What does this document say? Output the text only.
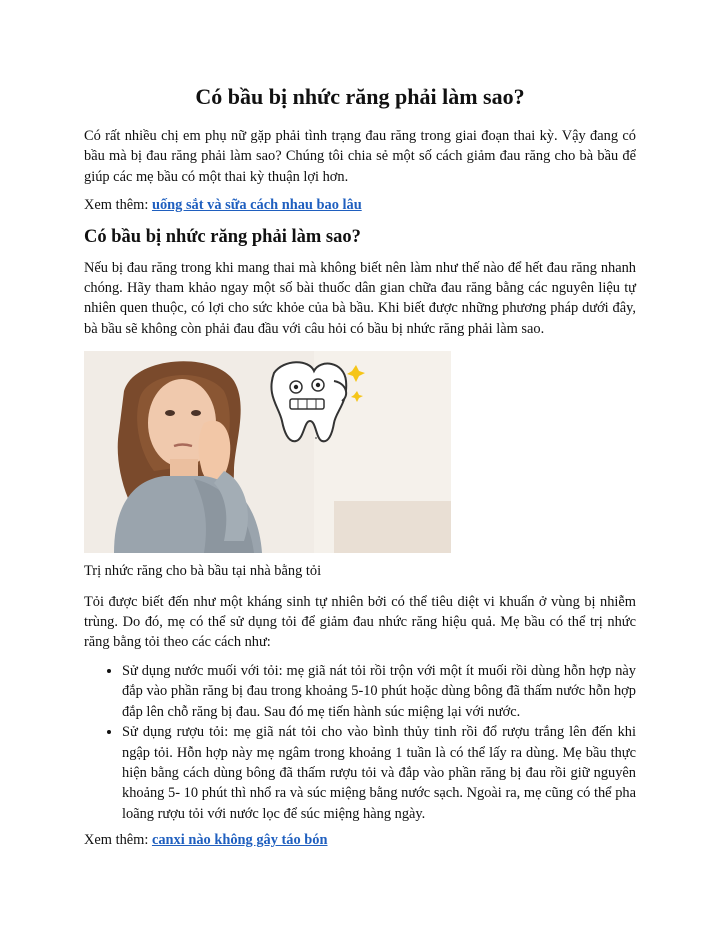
Có bầu bị nhức răng phải làm sao?

Có rất nhiều chị em phụ nữ gặp phải tình trạng đau răng trong giai đoạn thai kỳ. Vậy đang có bầu mà bị đau răng phải làm sao? Chúng tôi chia sẻ một số cách giảm đau răng cho bà bầu để giúp các mẹ bầu có một thai kỳ thuận lợi hơn.

Xem thêm: uống sắt và sữa cách nhau bao lâu

Có bầu bị nhức răng phải làm sao?

Nếu bị đau răng trong khi mang thai mà không biết nên làm như thế nào để hết đau răng nhanh chóng. Hãy tham khảo ngay một số bài thuốc dân gian chữa đau răng bằng các nguyên liệu tự nhiên quen thuộc, có lợi cho sức khỏe của bà bầu. Khi biết được những phương pháp dưới đây, bà bầu sẽ không còn phải đau đầu với câu hỏi có bầu bị nhức răng phải làm sao.

Trị nhức răng cho bà bầu tại nhà bằng tỏi

Tỏi được biết đến như một kháng sinh tự nhiên bởi có thể tiêu diệt vi khuẩn ở vùng bị nhiễm trùng. Do đó, mẹ có thể sử dụng tỏi để giảm đau nhức răng hiệu quả. Mẹ bầu có thể trị nhức răng bằng tỏi theo các cách như:

• Sử dụng nước muối với tỏi: mẹ giã nát tỏi rồi trộn với một ít muối rồi dùng hỗn hợp này đắp vào phần răng bị đau trong khoảng 5-10 phút hoặc dùng bông đã thấm nước hỗn hợp đắp lên chỗ răng bị đau. Sau đó mẹ tiến hành súc miệng lại với nước.
• Sử dụng rượu tỏi: mẹ giã nát tỏi cho vào bình thủy tinh rồi đổ rượu trắng lên đến khi ngập tỏi. Hỗn hợp này mẹ ngâm trong khoảng 1 tuần là có thể lấy ra dùng. Mẹ bầu thực hiện bằng cách dùng bông đã thấm rượu tỏi và đắp vào phần răng bị đau rồi giữ nguyên khoảng 5- 10 phút thì nhổ ra và súc miệng bằng nước sạch. Ngoài ra, mẹ cũng có thể pha loãng rượu tỏi với nước lọc để súc miệng hàng ngày.

Xem thêm: canxi nào không gây táo bón
